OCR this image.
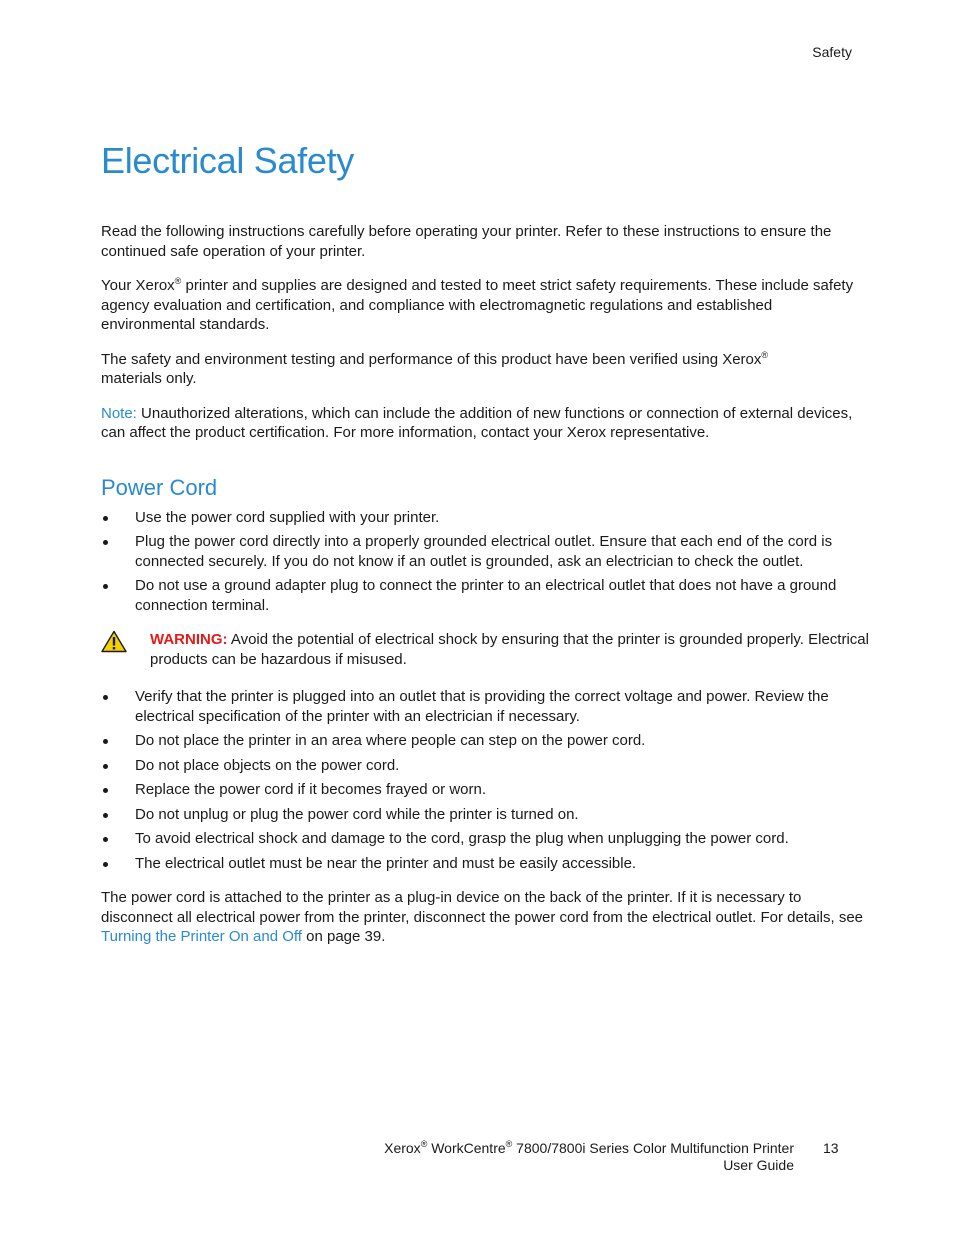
Safety
Electrical Safety

Read the following instructions carefully before operating your printer. Refer to these instructions to ensure the continued safe operation of your printer.

Your Xerox® printer and supplies are designed and tested to meet strict safety requirements. These include safety agency evaluation and certification, and compliance with electromagnetic regulations and established environmental standards.

The safety and environment testing and performance of this product have been verified using Xerox®
materials only.

Note: Unauthorized alterations, which can include the addition of new functions or connection of external devices, can affect the product certification. For more information, contact your Xerox representative.

Power Cord
Use the power cord supplied with your printer.
Plug the power cord directly into a properly grounded electrical outlet. Ensure that each end of the cord is connected securely. If you do not know if an outlet is grounded, ask an electrician to check the outlet.
Do not use a ground adapter plug to connect the printer to an electrical outlet that does not have a ground connection terminal.
WARNING: Avoid the potential of electrical shock by ensuring that the printer is grounded properly. Electrical products can be hazardous if misused.
Verify that the printer is plugged into an outlet that is providing the correct voltage and power. Review the electrical specification of the printer with an electrician if necessary.
Do not place the printer in an area where people can step on the power cord.
Do not place objects on the power cord.
Replace the power cord if it becomes frayed or worn.
Do not unplug or plug the power cord while the printer is turned on.
To avoid electrical shock and damage to the cord, grasp the plug when unplugging the power cord.
The electrical outlet must be near the printer and must be easily accessible.

The power cord is attached to the printer as a plug-in device on the back of the printer. If it is necessary to disconnect all electrical power from the printer, disconnect the power cord from the electrical outlet. For details, see Turning the Printer On and Off on page 39.

Xerox® WorkCentre® 7800/7800i Series Color Multifunction Printer
User Guide
13
